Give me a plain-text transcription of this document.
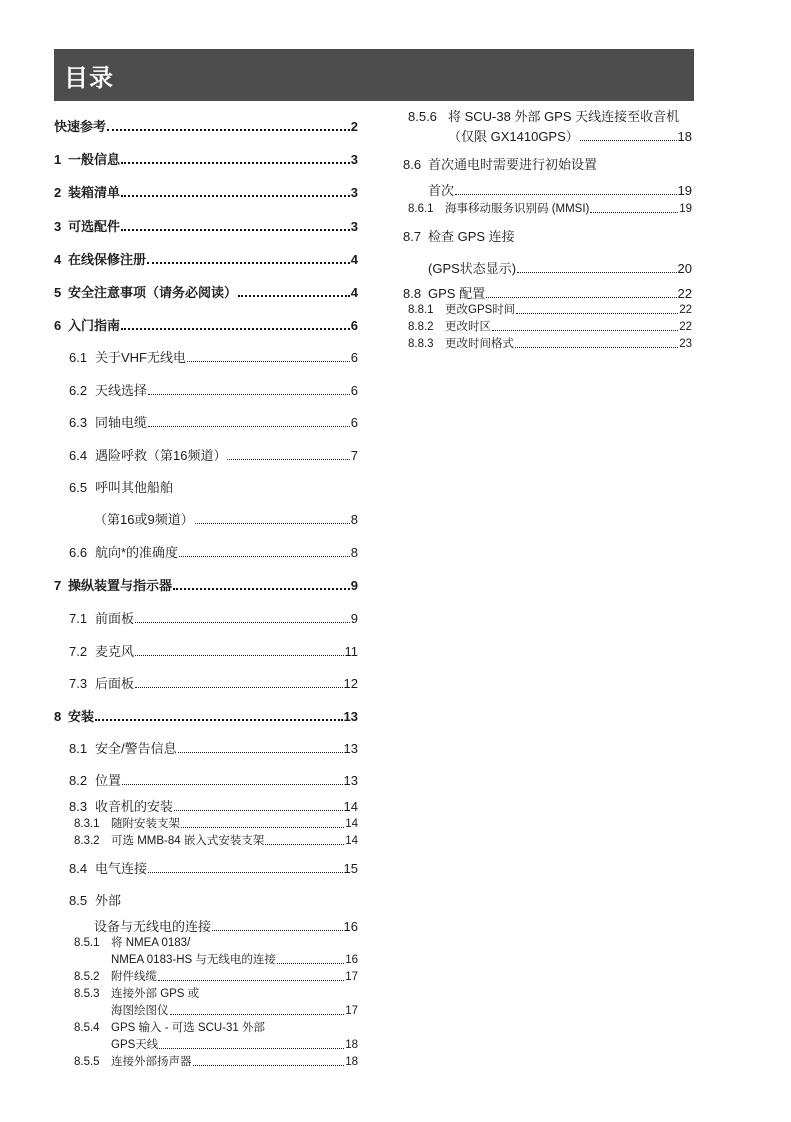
目录
快速参考	2
1 一般信息	3
2 装箱清单	3
3 可选配件	3
4 在线保修注册	4
5 安全注意事项（请务必阅读）	4
6 入门指南	6
6.1 关于VHF无线电	6
6.2 天线选择	6
6.3 同轴电缆	6
6.4 遇险呼救（第16频道）	7
6.5 呼叫其他船舶
（第16或9频道）	8
6.6 航向*的准确度	8
7 操纵装置与指示器	9
7.1 前面板	9
7.2 麦克风	11
7.3 后面板	12
8 安装	13
8.1 安全/警告信息	13
8.2 位置	13
8.3 收音机的安装	14
8.3.1 随附安装支架	14
8.3.2 可选 MMB-84 嵌入式安装支架	14
8.4 电气连接	15
8.5 外部
设备与无线电的连接	16
8.5.1 将 NMEA 0183/
NMEA 0183-HS 与无线电的连接	16
8.5.2 附件线缆	17
8.5.3 连接外部 GPS 或
海图绘图仪	17
8.5.4 GPS 输入 - 可选 SCU-31 外部
GPS天线	18
8.5.5 连接外部扬声器	18
8.5.6 将 SCU-38 外部 GPS 天线连接至收音机
（仅限 GX1410GPS）	18
8.6 首次通电时需要进行初始设置
首次	19
8.6.1 海事移动服务识别码 (MMSI)	19
8.7 检查 GPS 连接
(GPS状态显示)	20
8.8 GPS 配置	22
8.8.1 更改GPS时间	22
8.8.2 更改时区	22
8.8.3 更改时间格式	23
